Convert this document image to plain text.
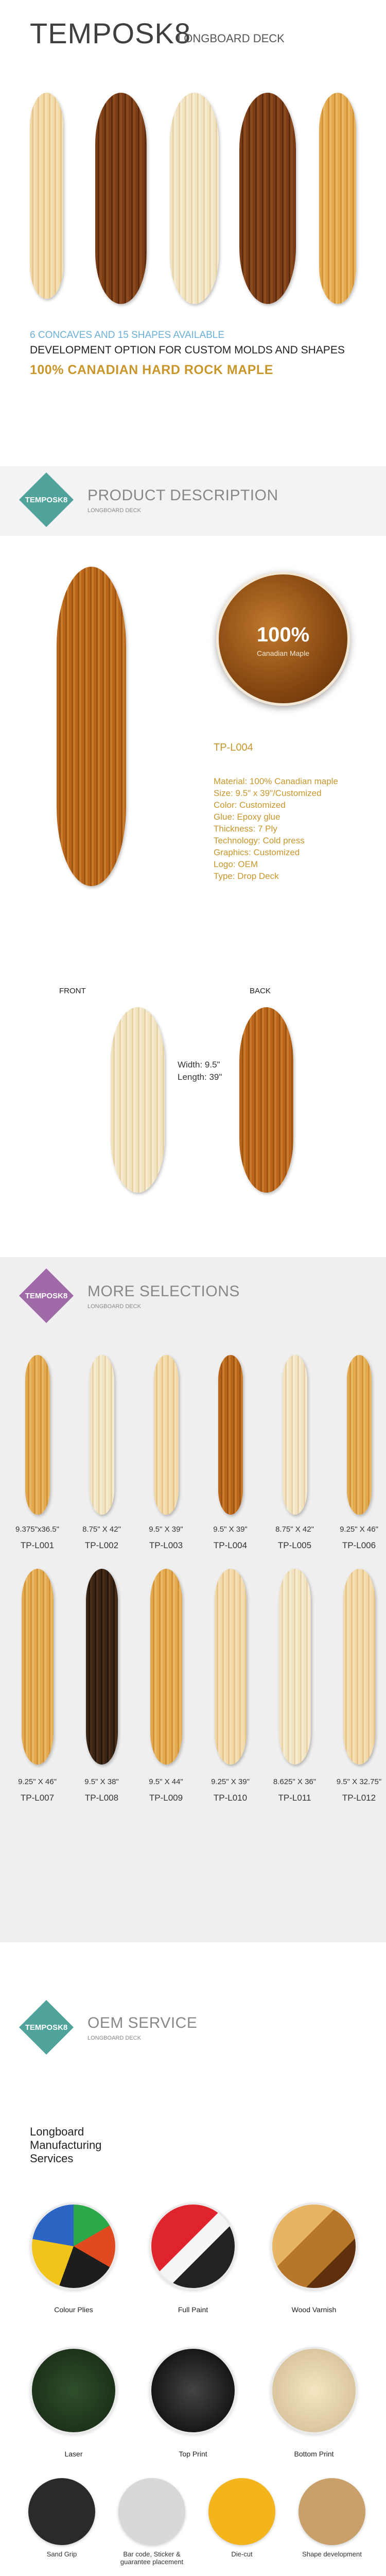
TEMPOSK8
LONGBOARD DECK
6 CONCAVES AND 15 SHAPES AVAILABLE
DEVELOPMENT OPTION FOR CUSTOM MOLDS AND SHAPES
100% CANADIAN HARD ROCK MAPLE
TEMPOSK8 PRODUCT DESCRIPTION
LONGBOARD DECK
100%
Canadian Maple
TP-L004
Material: 100% Canadian maple
Size: 9.5" x 39"/Customized
Color: Customized
Glue: Epoxy glue
Thickness: 7 Ply
Technology: Cold press
Graphics: Customized
Logo: OEM
Type: Drop Deck
FRONT	BACK
Width: 9.5"
Length: 39"
TEMPOSK8 MORE SELECTIONS
LONGBOARD DECK
TEMPOSK8 OEM SERVICE
LONGBOARD DECK
Longboard
Manufacturing
Services
Colour Plies	Full Paint	Wood Varnish
Laser	Top Print	Bottom Print
Sand Grip	Bar code, Sticker & guarantee placement
Die-cut	Shape development
9.375"x36.5"
TP-L001
8.75" X 42"
TP-L002
9.5" X 39"
TP-L003
9.5" X 39"
TP-L004
8.75" X 42"
TP-L005
9.25" X 46"
TP-L006
9.25" X 46"
TP-L007
9.5" X 38"
TP-L008
9.5" X 44"
TP-L009
9.25" X 39"
TP-L010
8.625" X 36"
TP-L011
9.5" X 32.75"
TP-L012
